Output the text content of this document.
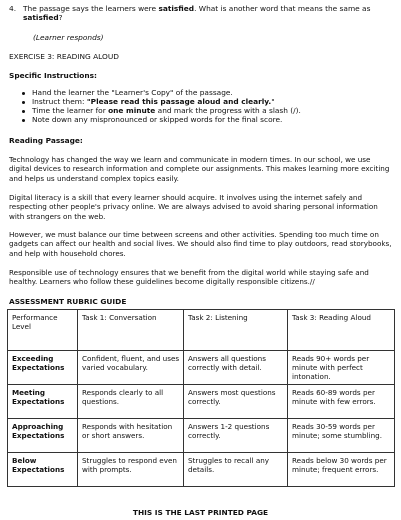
4. The passage says the learners were satisfied. What is another word that means the same as
satisfied?
(Learner responds)
EXERCISE 3: READING ALOUD
Specific Instructions:
Hand the learner the "Learner's Copy" of the passage.
Instruct them: "Please read this passage aloud and clearly."
Time the learner for one minute and mark the progress with a slash (/).
Note down any mispronounced or skipped words for the final score.
Reading Passage:
Technology has changed the way we learn and communicate in modern times. In our school, we use digital devices to research information and complete our assignments. This makes learning more exciting and helps us understand complex topics easily.
Digital literacy is a skill that every learner should acquire. It involves using the internet safely and respecting other people's privacy online. We are always advised to avoid sharing personal information with strangers on the web.
However, we must balance our time between screens and other activities. Spending too much time on gadgets can affect our health and social lives. We should also find time to play outdoors, read storybooks, and help with household chores.
Responsible use of technology ensures that we benefit from the digital world while staying safe and healthy. Learners who follow these guidelines become digitally responsible citizens.//
ASSESSMENT RUBRIC GUIDE
Performance Level	Task 1: Conversation	Task 2: Listening	Task 3: Reading Aloud
Exceeding Expectations	Confident, fluent, and uses varied vocabulary.	Answers all questions correctly with detail.	Reads 90+ words per minute with perfect intonation.
Meeting Expectations	Responds clearly to all questions.	Answers most questions correctly.	Reads 60-89 words per minute with few errors.
Approaching Expectations	Responds with hesitation or short answers.	Answers 1-2 questions correctly.	Reads 30-59 words per minute; some stumbling.
Below Expectations	Struggles to respond even with prompts.	Struggles to recall any details.	Reads below 30 words per minute; frequent errors.
THIS IS THE LAST PRINTED PAGE
